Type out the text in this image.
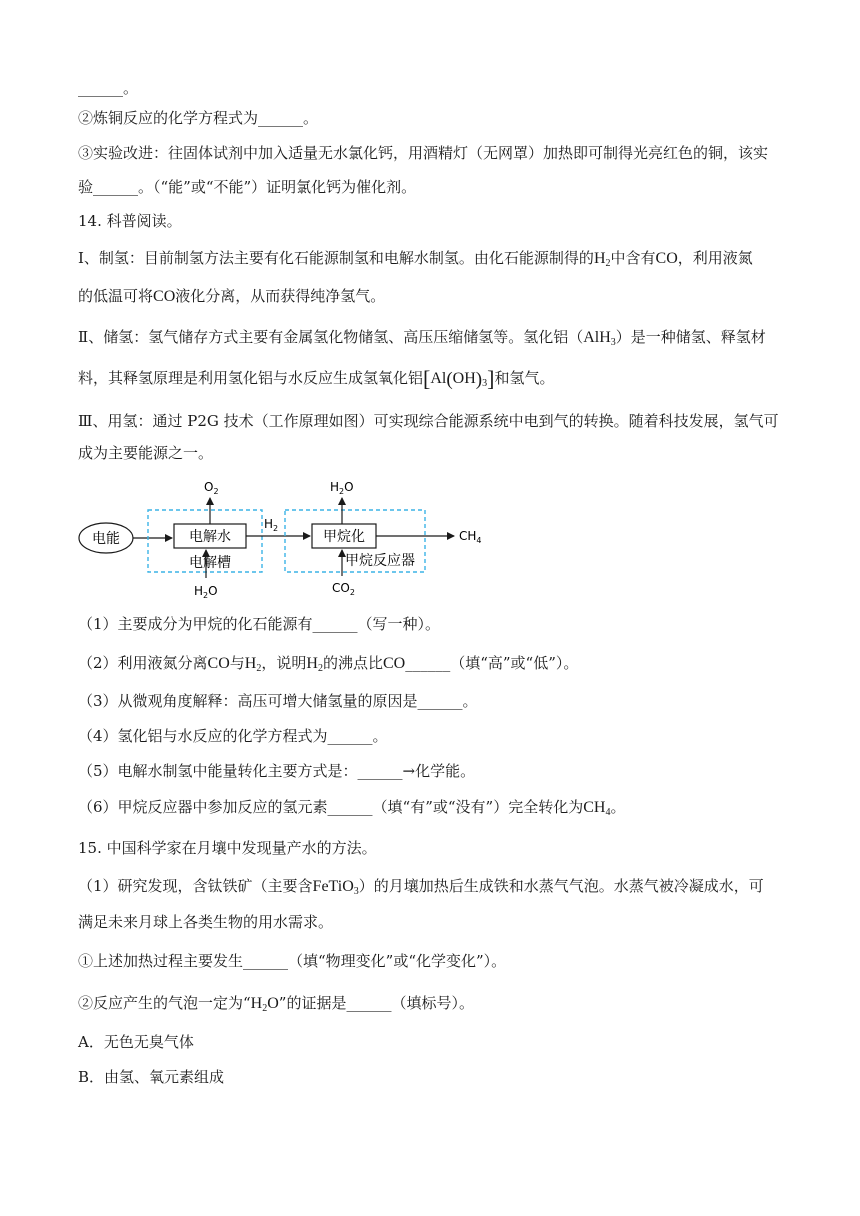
______。
②炼铜反应的化学方程式为______。
③实验改进：往固体试剂中加入适量无水氯化钙，用酒精灯（无网罩）加热即可制得光亮红色的铜，该实
验______。（“能”或“不能”）证明氯化钙为催化剂。
14. 科普阅读。
Ⅰ、制氢：目前制氢方法主要有化石能源制氢和电解水制氢。由化石能源制得的$H_2$中含有CO，利用液氮
的低温可将CO液化分离，从而获得纯净氢气。
Ⅱ、储氢：氢气储存方式主要有金属氢化物储氢、高压压缩储氢等。氢化铝（AlH$_3$）是一种储氢、释氢材
料，其释氢原理是利用氢化铝与水反应生成氢氧化铝$[Al(OH)_3]$和氢气。
Ⅲ、用氢：通过 P2G 技术（工作原理如图）可实现综合能源系统中电到气的转换。随着科技发展，氢气可
成为主要能源之一。
电能	电解水
电解槽
$O_2$
$H_2O$
$H_2$
甲烷化
甲烷反应器
$H_2O$
$CO_2$
$CH_4$
（1）主要成分为甲烷的化石能源有______（写一种）。
（2）利用液氮分离CO与$H_2$，说明$H_2$的沸点比CO______（填“高”或“低”）。
（3）从微观角度解释：高压可增大储氢量的原因是______。
（4）氢化铝与水反应的化学方程式为______。
（5）电解水制氢中能量转化主要方式是：______→化学能。
（6）甲烷反应器中参加反应的氢元素______（填“有”或“没有”）完全转化为$CH_4$。
15. 中国科学家在月壤中发现量产水的方法。
（1）研究发现，含钛铁矿（主要含FeTiO$_3$）的月壤加热后生成铁和水蒸气气泡。水蒸气被冷凝成水，可
满足未来月球上各类生物的用水需求。
①上述加热过程主要发生______（填“物理变化”或“化学变化”）。
②反应产生的气泡一定为“$H_2O$”的证据是______（填标号）。
A．无色无臭气体
B．由氢、氧元素组成
